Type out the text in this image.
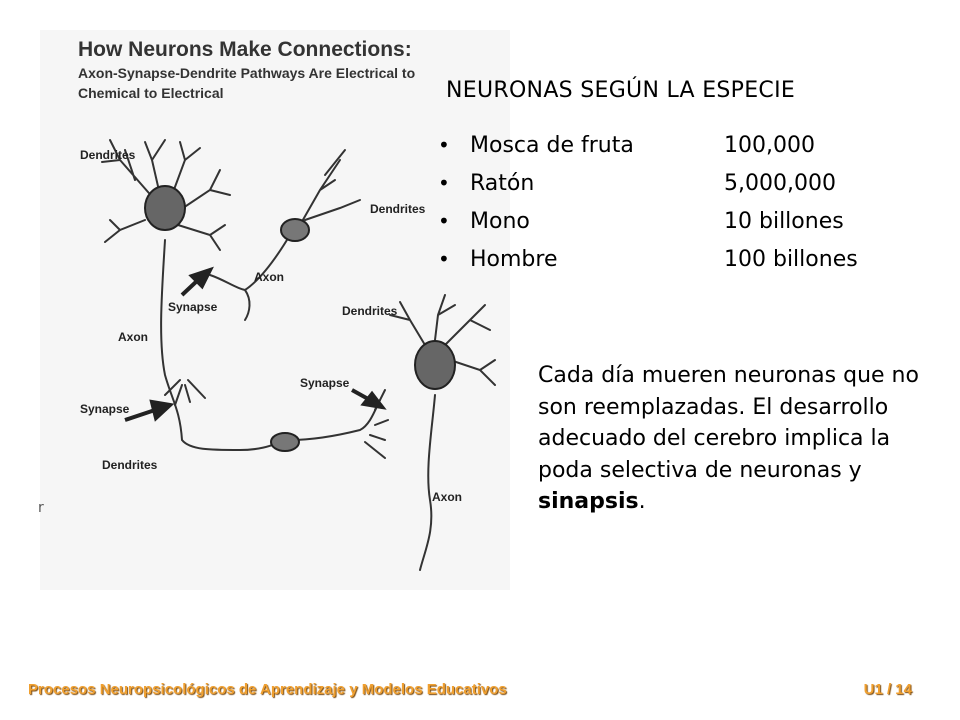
How Neurons Make Connections:
Axon-Synapse-Dendrite Pathways Are Electrical to
Chemical to Electrical
Dendrites
Dendrites
Axon
Synapse
Axon
Dendrites
Synapse
Synapse
Dendrites
Axon
r
NEURONAS SEGÚN LA ESPECIE
• Mosca de fruta	100,000
• Ratón	5,000,000
• Mono	10 billones
• Hombre	100 billones
Cada día mueren neuronas que no son reemplazadas. El desarrollo adecuado del cerebro implica la poda selectiva de neuronas y sinapsis.
Procesos Neuropsicológicos de Aprendizaje y Modelos Educativos	U1 / 14
